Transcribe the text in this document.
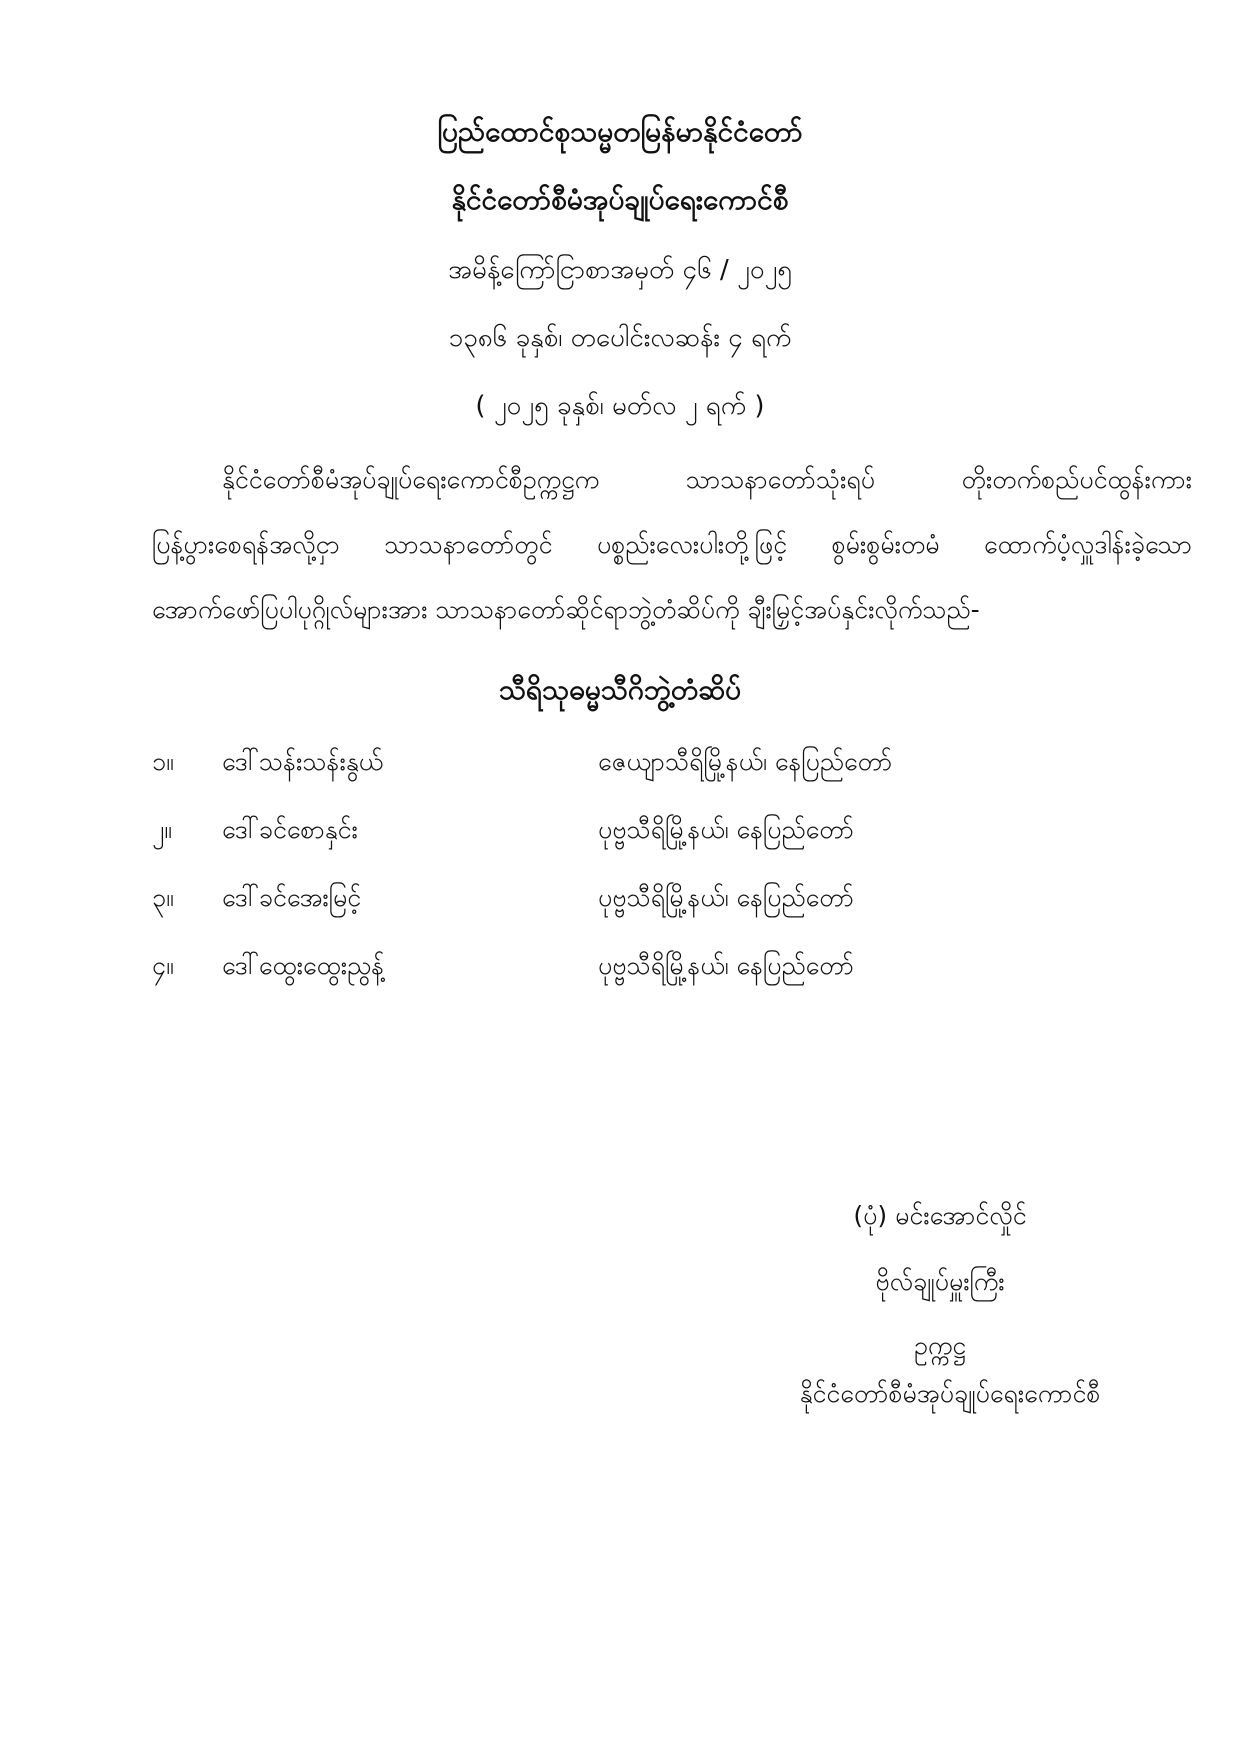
ပြည်ထောင်စုသမ္မတမြန်မာနိုင်ငံတော်
နိုင်ငံတော်စီမံအုပ်ချုပ်ရေးကောင်စီ
အမိန့်ကြော်ငြာစာအမှတ် ၄၆ / ၂၀၂၅
၁၃၈၆ ခုနှစ်၊ တပေါင်းလဆန်း ၄ ရက်
( ၂၀၂၅ ခုနှစ်၊ မတ်လ ၂ ရက် )
နိုင်ငံတော်စီမံအုပ်ချုပ်ရေးကောင်စီဥက္ကဋ္ဌက သာသနာတော်သုံးရပ် တိုးတက်စည်ပင်ထွန်းကား
ပြန့်ပွားစေရန်အလို့ငှာ သာသနာတော်တွင် ပစ္စည်းလေးပါးတို့ဖြင့် စွမ်းစွမ်းတမံ ထောက်ပံ့လှူဒါန်းခဲ့သော
အောက်ဖော်ပြပါပုဂ္ဂိုလ်များအား သာသနာတော်ဆိုင်ရာဘွဲ့တံဆိပ်ကို ချီးမြှင့်အပ်နှင်းလိုက်သည်-
သီရိသုဓမ္မသီဂိဘွဲ့တံဆိပ်
၁။ ဒေါ်သန်းသန်းနွယ်	ဇေယျာသီရိမြို့နယ်၊ နေပြည်တော်
၂။ ဒေါ်ခင်စောနှင်း	ပုဗ္ဗသီရိမြို့နယ်၊ နေပြည်တော်
၃။ ဒေါ်ခင်အေးမြင့်	ပုဗ္ဗသီရိမြို့နယ်၊ နေပြည်တော်
၄။ ဒေါ်ထွေးထွေးညွန့်	ပုဗ္ဗသီရိမြို့နယ်၊ နေပြည်တော်
(ပုံ) မင်းအောင်လှိုင်
ဗိုလ်ချုပ်မှူးကြီး
ဥက္ကဋ္ဌ
နိုင်ငံတော်စီမံအုပ်ချုပ်ရေးကောင်စီ
